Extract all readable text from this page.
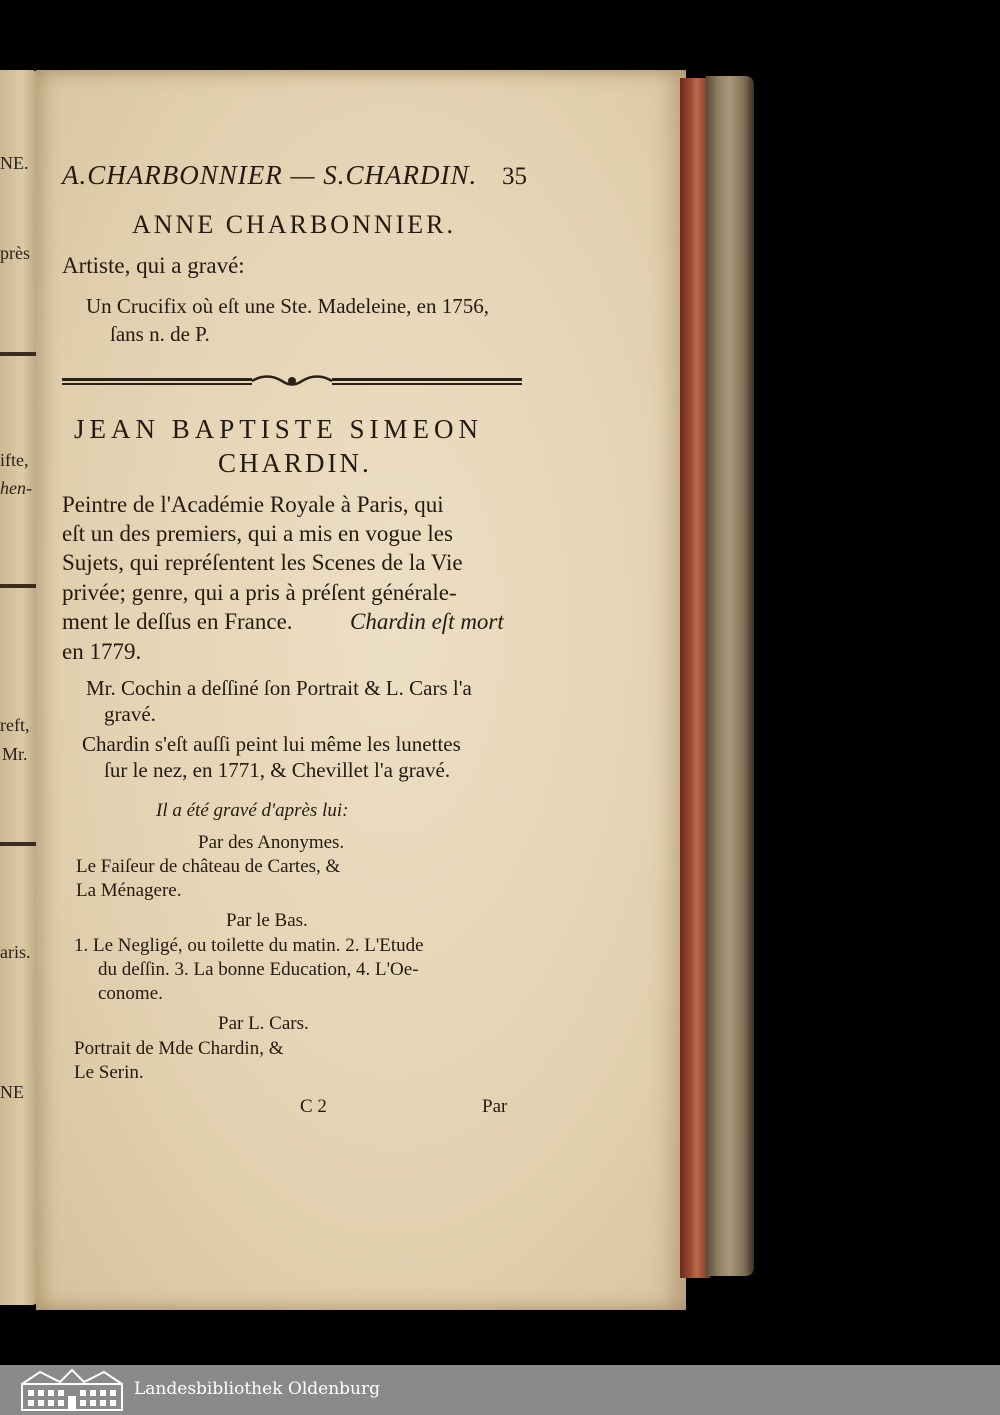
NE.
près
ifte,
hen-
reft,
Mr.
aris.
NE
A.CHARBONNIER — S.CHARDIN. 35
ANNE CHARBONNIER.
Artiste, qui a gravé:
Un Crucifix où eſt une Ste. Madeleine, en 1756,
ſans n. de P.
JEAN BAPTISTE SIMEON
CHARDIN.
Peintre de l'Académie Royale à Paris, qui
eſt un des premiers, qui a mis en vogue les
Sujets, qui repréſentent les Scenes de la Vie
privée; genre, qui a pris à préſent générale-
ment le deſſus en France. Chardin eſt mort
en 1779.
Mr. Cochin a deſſiné ſon Portrait & L. Cars l'a
gravé.
Chardin s'eſt auſſi peint lui même les lunettes
ſur le nez, en 1771, & Chevillet l'a gravé.
Il a été gravé d'après lui:
Par des Anonymes.
Le Faiſeur de château de Cartes, &
La Ménagere.
Par le Bas.
1. Le Negligé, ou toilette du matin. 2. L'Etude
du deſſin. 3. La bonne Education, 4. L'Oe-
conome.
Par L. Cars.
Portrait de Mde Chardin, &
Le Serin.
C 2	Par
Landesbibliothek Oldenburg
